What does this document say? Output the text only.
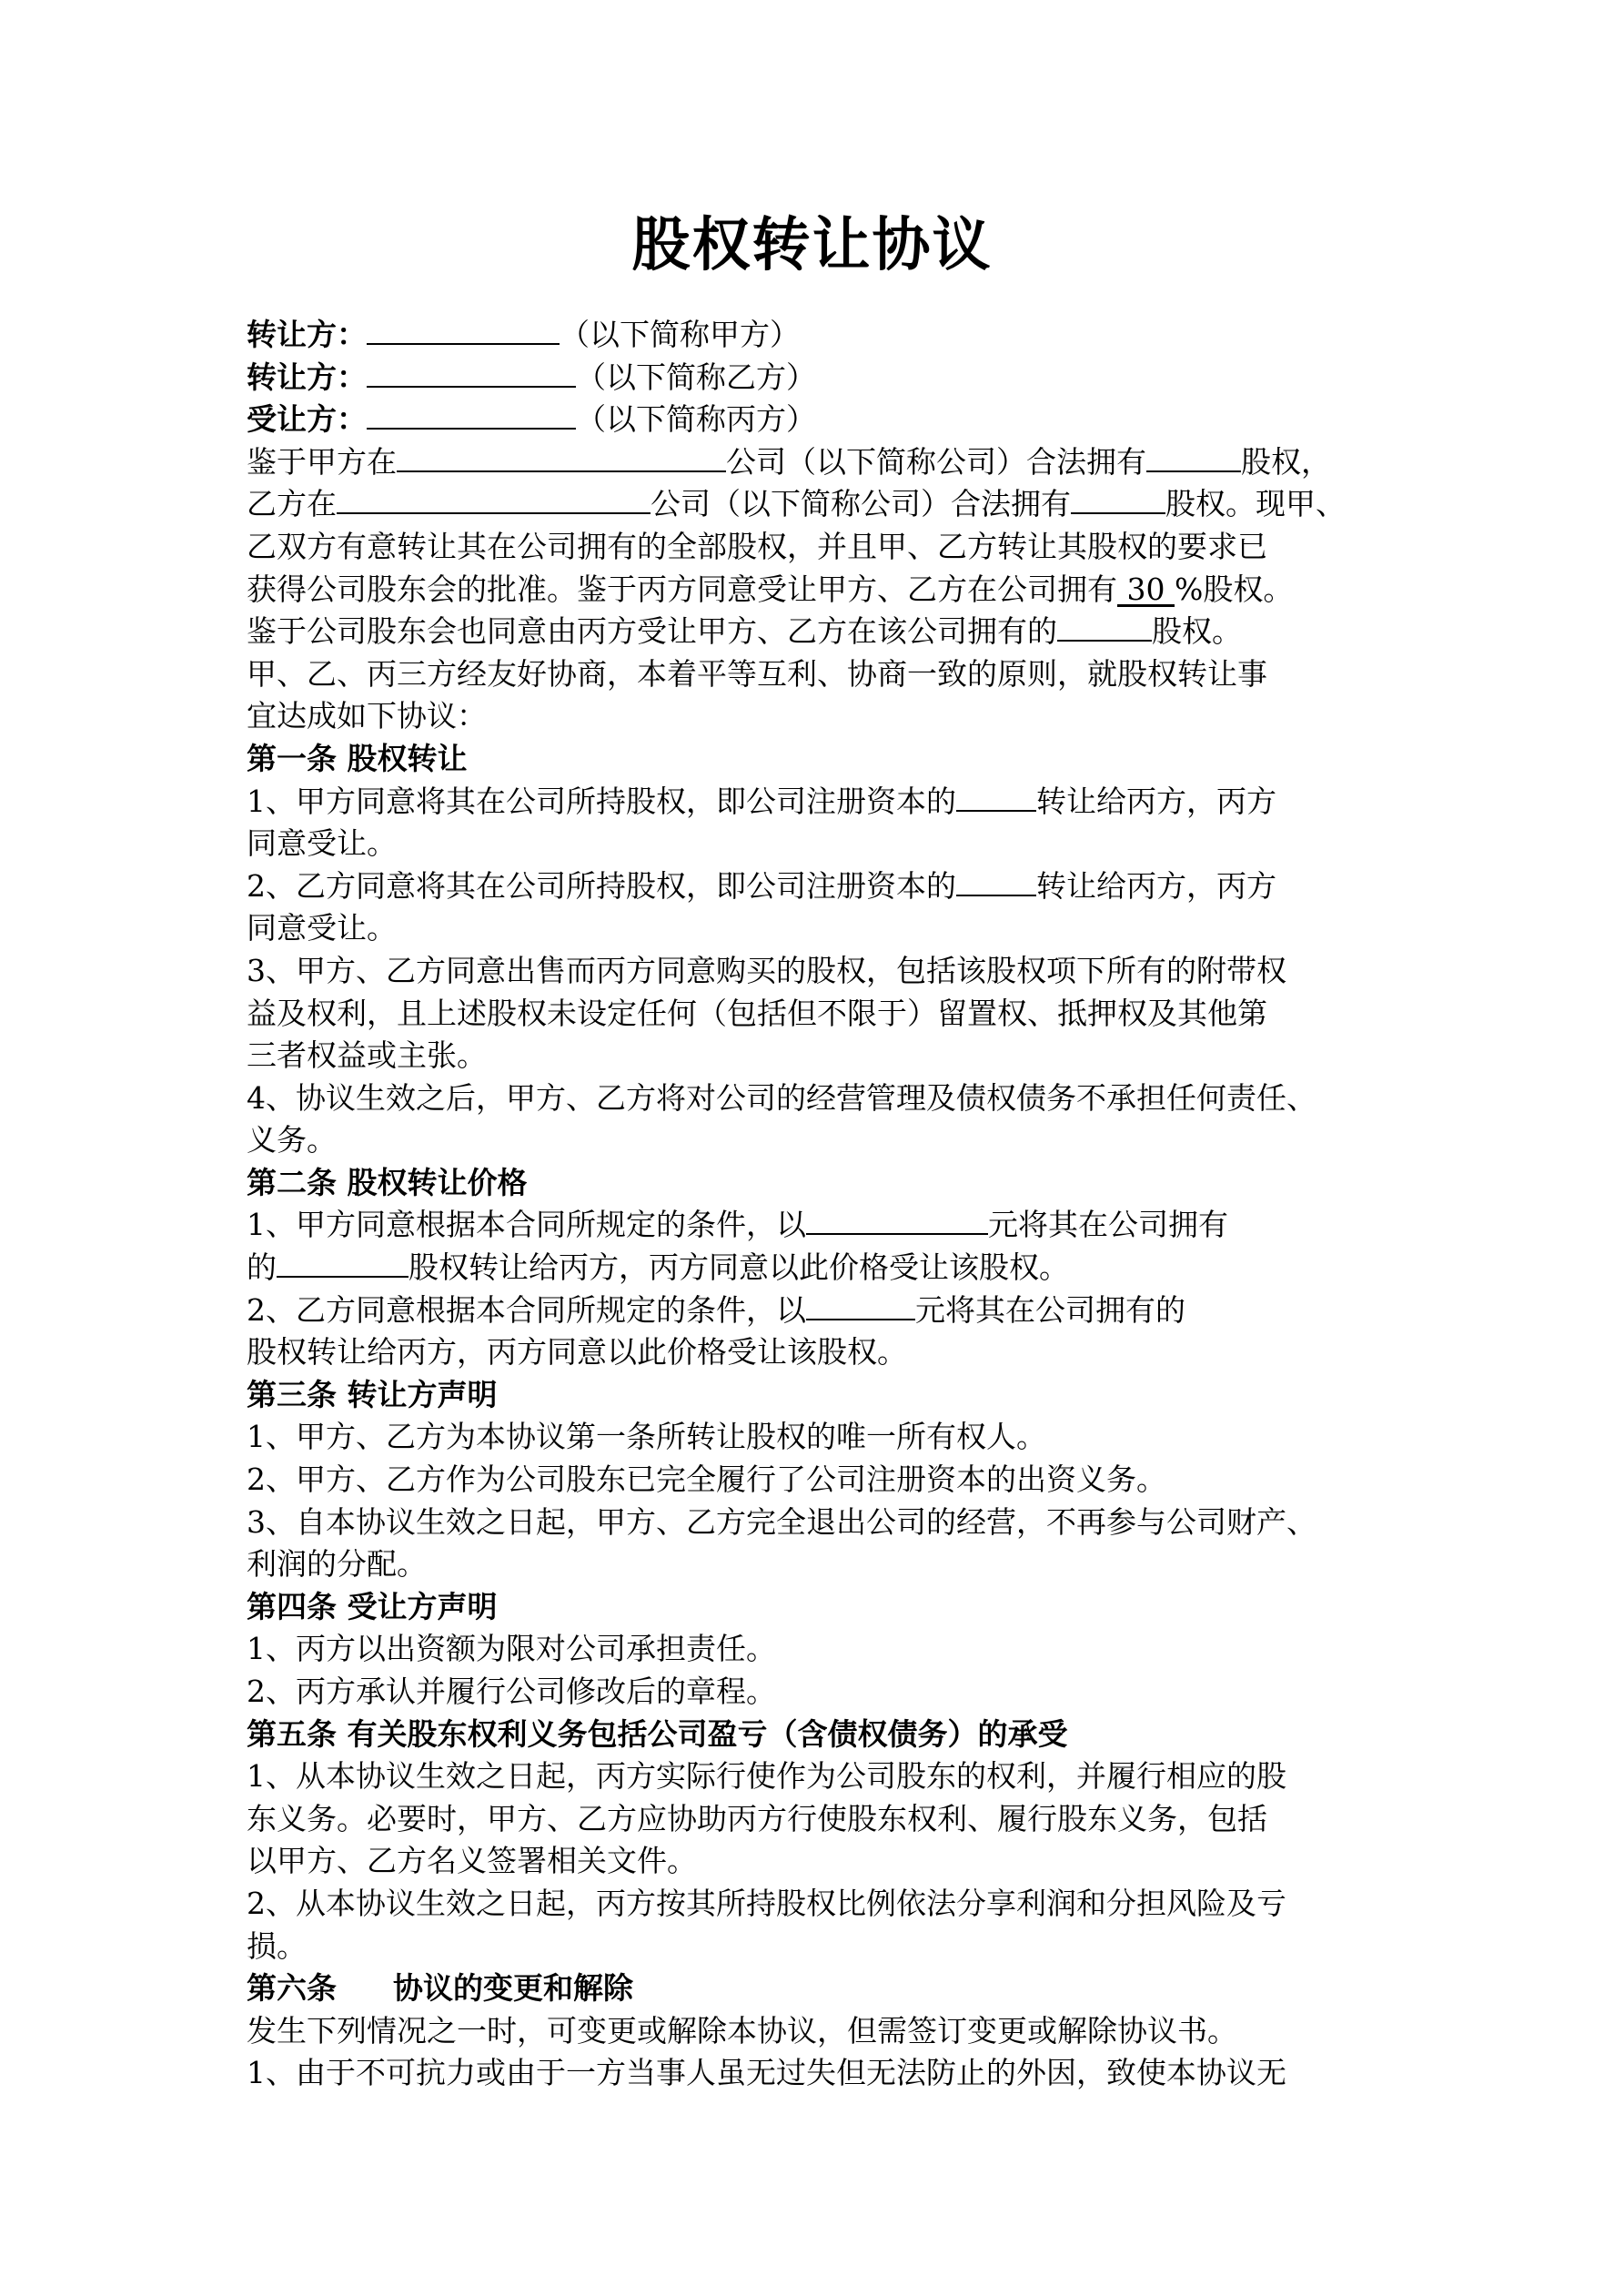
股权转让协议
转让方：	（以下简称甲方）
转让方：	（以下简称乙方）
受让方：	（以下简称丙方）
鉴于甲方在	公司（以下简称公司）合法拥有	股权，
乙方在	公司（以下简称公司）合法拥有	股权。现甲、
乙双方有意转让其在公司拥有的全部股权，并且甲、乙方转让其股权的要求已
获得公司股东会的批准。鉴于丙方同意受让甲方、乙方在公司拥有 30 %股权。
鉴于公司股东会也同意由丙方受让甲方、乙方在该公司拥有的	股权。
甲、乙、丙三方经友好协商，本着平等互利、协商一致的原则，就股权转让事
宜达成如下协议：
第一条 股权转让
1、甲方同意将其在公司所持股权，即公司注册资本的	转让给丙方，丙方
同意受让。
2、乙方同意将其在公司所持股权，即公司注册资本的	转让给丙方，丙方
同意受让。
3、甲方、乙方同意出售而丙方同意购买的股权，包括该股权项下所有的附带权
益及权利，且上述股权未设定任何（包括但不限于）留置权、抵押权及其他第
三者权益或主张。
4、协议生效之后，甲方、乙方将对公司的经营管理及债权债务不承担任何责任、
义务。
第二条 股权转让价格
1、甲方同意根据本合同所规定的条件，以	元将其在公司拥有
的	股权转让给丙方，丙方同意以此价格受让该股权。
2、乙方同意根据本合同所规定的条件，以	元将其在公司拥有的
股权转让给丙方，丙方同意以此价格受让该股权。
第三条 转让方声明
1、甲方、乙方为本协议第一条所转让股权的唯一所有权人。
2、甲方、乙方作为公司股东已完全履行了公司注册资本的出资义务。
3、自本协议生效之日起，甲方、乙方完全退出公司的经营，不再参与公司财产、
利润的分配。
第四条 受让方声明
1、丙方以出资额为限对公司承担责任。
2、丙方承认并履行公司修改后的章程。
第五条 有关股东权利义务包括公司盈亏（含债权债务）的承受
1、从本协议生效之日起，丙方实际行使作为公司股东的权利，并履行相应的股
东义务。必要时，甲方、乙方应协助丙方行使股东权利、履行股东义务，包括
以甲方、乙方名义签署相关文件。
2、从本协议生效之日起，丙方按其所持股权比例依法分享利润和分担风险及亏
损。
第六条 协议的变更和解除
发生下列情况之一时，可变更或解除本协议，但需签订变更或解除协议书。
1、由于不可抗力或由于一方当事人虽无过失但无法防止的外因，致使本协议无
